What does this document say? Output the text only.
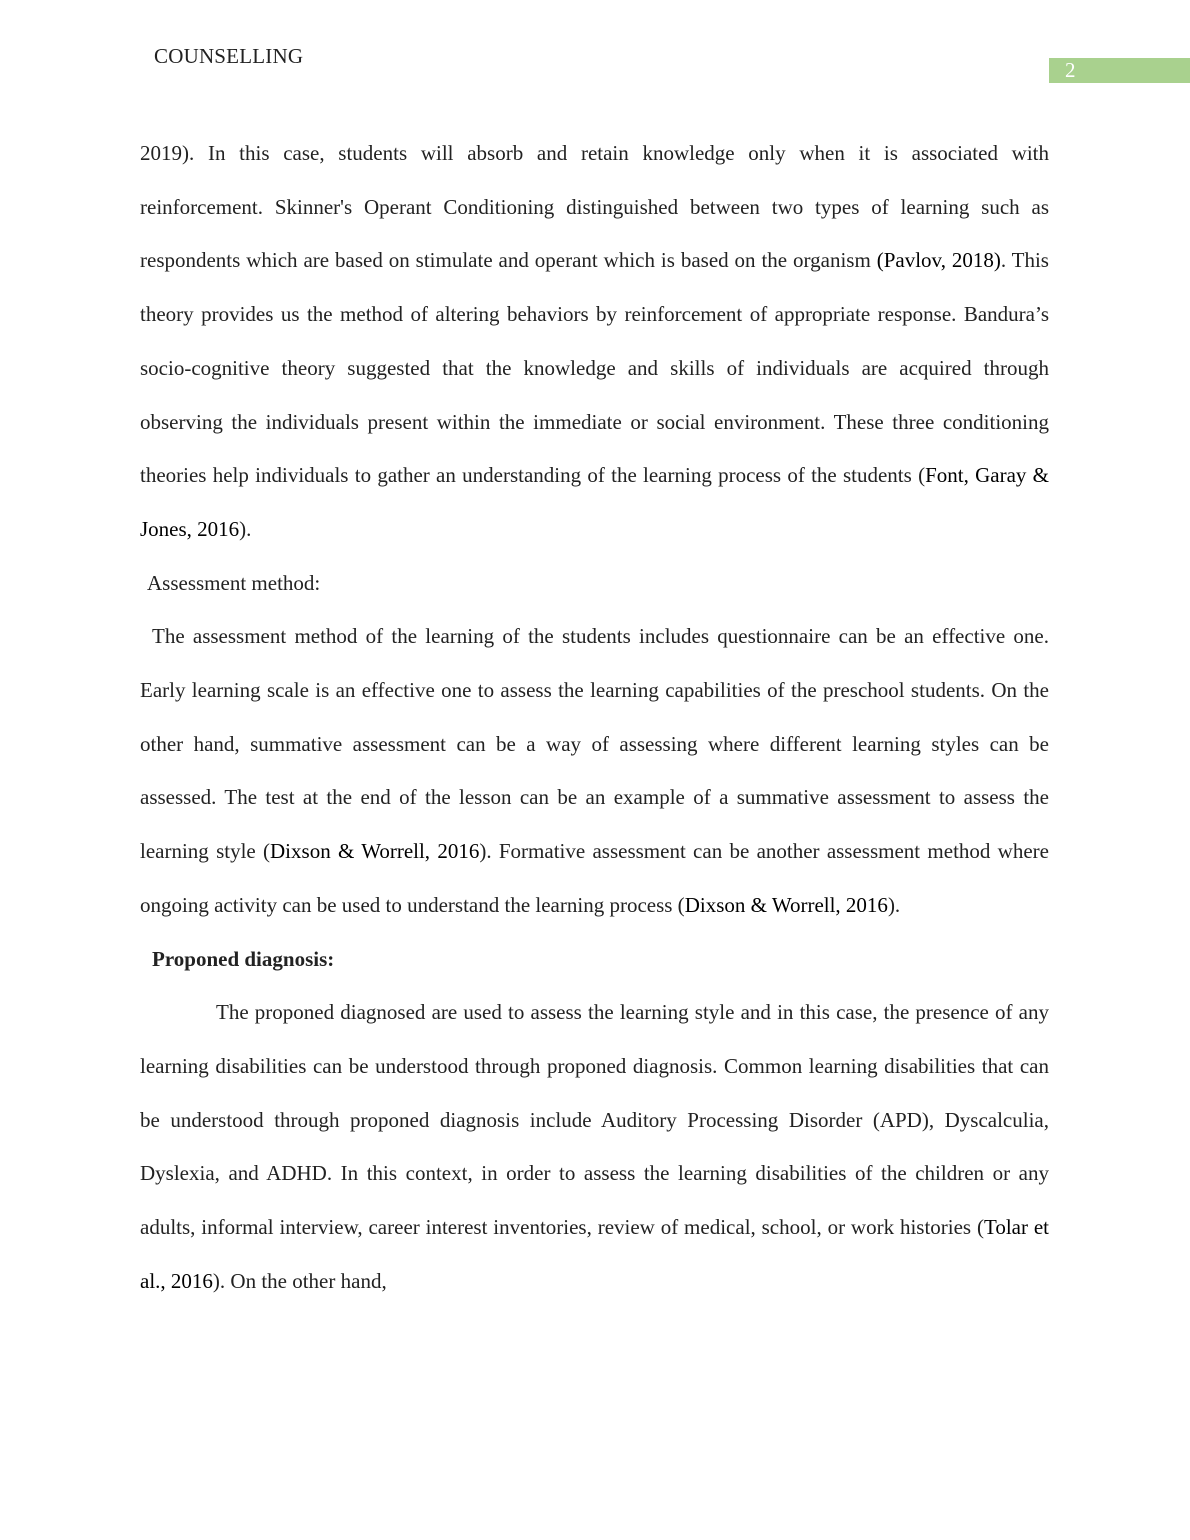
COUNSELLING
2

2019). In this case, students will absorb and retain knowledge only when it is associated with reinforcement. Skinner's Operant Conditioning distinguished between two types of learning such as respondents which are based on stimulate and operant which is based on the organism (Pavlov, 2018). This theory provides us the method of altering behaviors by reinforcement of appropriate response. Bandura’s socio-cognitive theory suggested that the knowledge and skills of individuals are acquired through observing the individuals present within the immediate or social environment. These three conditioning theories help individuals to gather an understanding of the learning process of the students (Font, Garay & Jones, 2016).

Assessment method:

The assessment method of the learning of the students includes questionnaire can be an effective one. Early learning scale is an effective one to assess the learning capabilities of the preschool students. On the other hand, summative assessment can be a way of assessing where different learning styles can be assessed. The test at the end of the lesson can be an example of a summative assessment to assess the learning style (Dixson & Worrell, 2016). Formative assessment can be another assessment method where ongoing activity can be used to understand the learning process (Dixson & Worrell, 2016).

Proponed diagnosis:

The proponed diagnosed are used to assess the learning style and in this case, the presence of any learning disabilities can be understood through proponed diagnosis. Common learning disabilities that can be understood through proponed diagnosis include Auditory Processing Disorder (APD), Dyscalculia, Dyslexia, and ADHD. In this context, in order to assess the learning disabilities of the children or any adults, informal interview, career interest inventories, review of medical, school, or work histories (Tolar et al., 2016). On the other hand,
